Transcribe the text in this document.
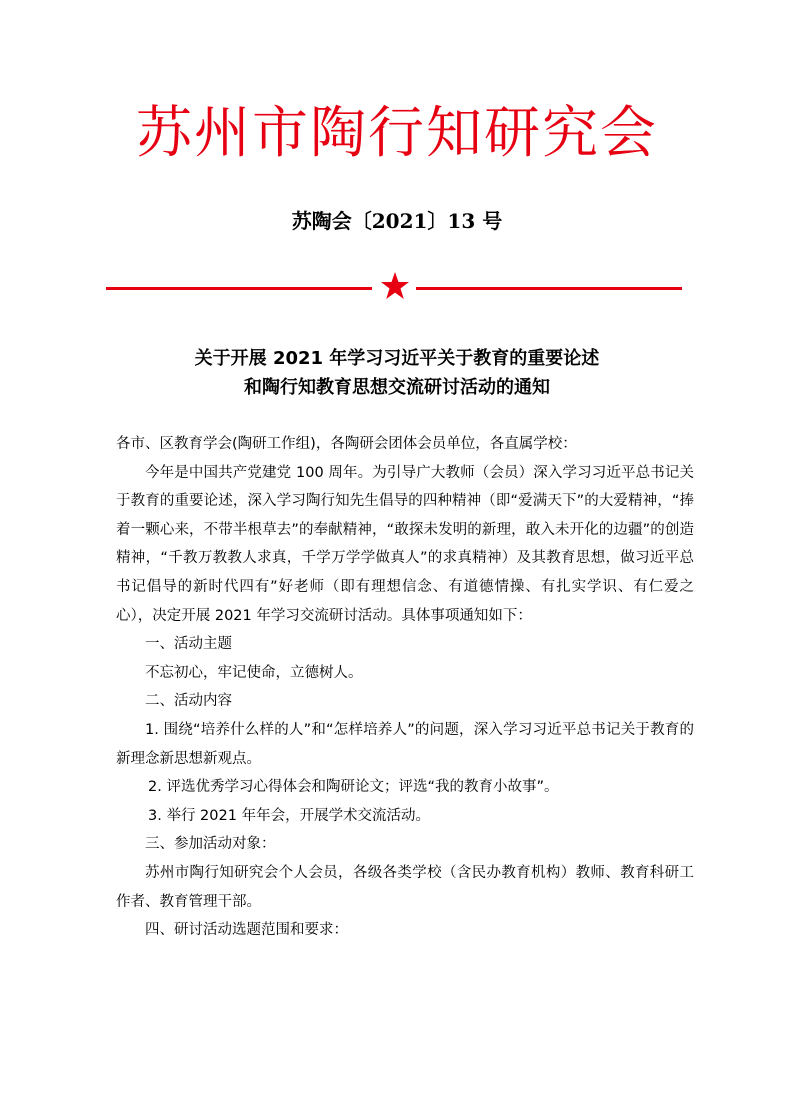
苏州市陶行知研究会
苏陶会〔2021〕13 号
关于开展 2021 年学习习近平关于教育的重要论述
和陶行知教育思想交流研讨活动的通知

各市、区教育学会(陶研工作组)，各陶研会团体会员单位，各直属学校：

今年是中国共产党建党 100 周年。为引导广大教师（会员）深入学习习近平总书记关于教育的重要论述，深入学习陶行知先生倡导的四种精神（即“爱满天下”的大爱精神，“捧着一颗心来，不带半根草去”的奉献精神，“敢探未发明的新理，敢入未开化的边疆”的创造精神，“千教万教教人求真，千学万学学做真人”的求真精神）及其教育思想，做习近平总书记倡导的新时代四有”好老师（即有理想信念、有道德情操、有扎实学识、有仁爱之心），决定开展 2021 年学习交流研讨活动。具体事项通知如下：

一、活动主题

不忘初心，牢记使命，立德树人。

二、活动内容

1. 围绕“培养什么样的人”和“怎样培养人”的问题，深入学习习近平总书记关于教育的新理念新思想新观点。

2. 评选优秀学习心得体会和陶研论文；评选“我的教育小故事”。

3. 举行 2021 年年会，开展学术交流活动。

三、参加活动对象：

苏州市陶行知研究会个人会员，各级各类学校（含民办教育机构）教师、教育科研工作者、教育管理干部。

四、研讨活动选题范围和要求：
